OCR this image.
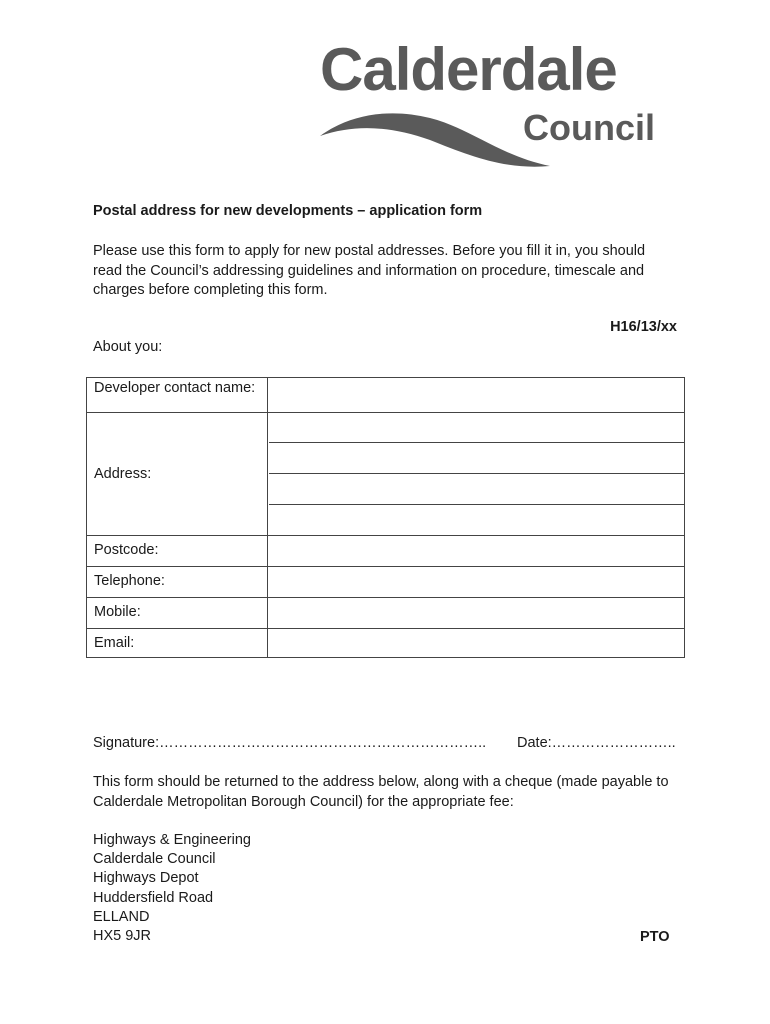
Calderdale
Council
Postal address for new developments – application form
Please use this form to apply for new postal addresses. Before you fill it in, you should read the Council’s addressing guidelines and information on procedure, timescale and charges before completing this form.
H16/13/xx
About you:
Developer contact name:
Address:
Postcode:
Telephone:
Mobile:
Email:
Signature:………………………………………………………….. Date:……………………..
This form should be returned to the address below, along with a cheque (made payable to Calderdale Metropolitan Borough Council) for the appropriate fee:
Highways & Engineering
Calderdale Council
Highways Depot
Huddersfield Road
ELLAND
HX5 9JR	PTO
